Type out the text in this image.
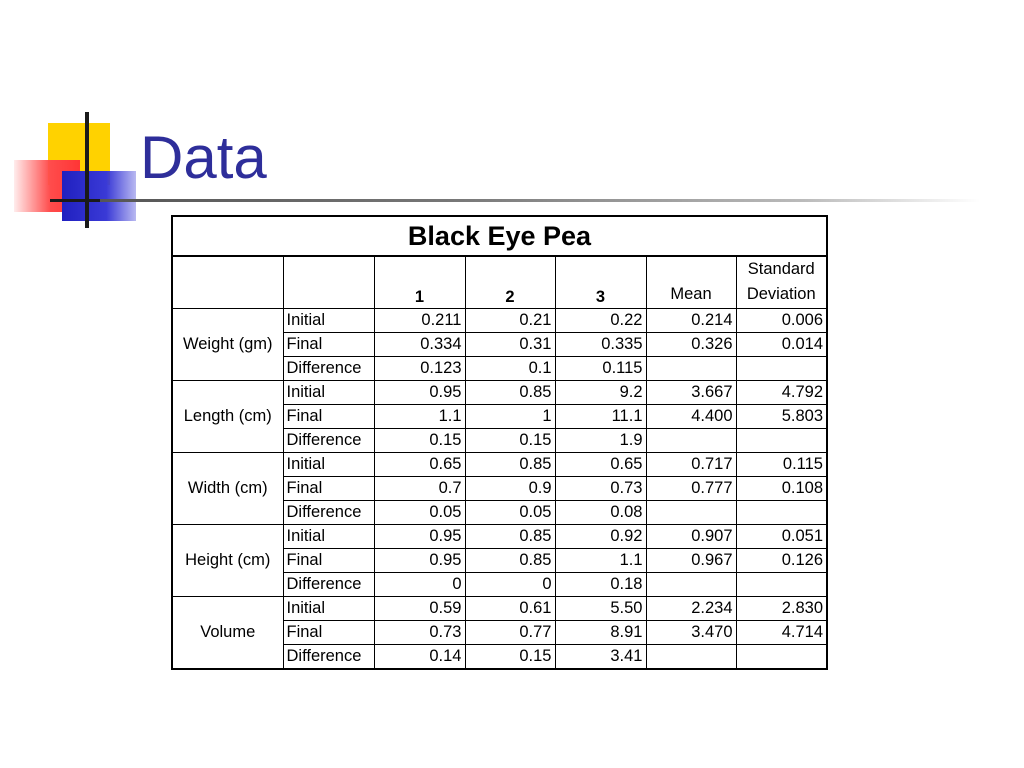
Data
Black Eye Pea						
		1	2	3	Mean	Standard
Deviation
Weight (gm)	Initial	0.211	0.21	0.22	0.214	0.006
	Final	0.334	0.31	0.335	0.326	0.014
	Difference	0.123	0.1	0.115		
Length (cm)	Initial	0.95	0.85	9.2	3.667	4.792
	Final	1.1	1	11.1	4.400	5.803
	Difference	0.15	0.15	1.9		
Width (cm)	Initial	0.65	0.85	0.65	0.717	0.115
	Final	0.7	0.9	0.73	0.777	0.108
	Difference	0.05	0.05	0.08		
Height (cm)	Initial	0.95	0.85	0.92	0.907	0.051
	Final	0.95	0.85	1.1	0.967	0.126
	Difference	0	0	0.18		
Volume	Initial	0.59	0.61	5.50	2.234	2.830
	Final	0.73	0.77	8.91	3.470	4.714
	Difference	0.14	0.15	3.41		
